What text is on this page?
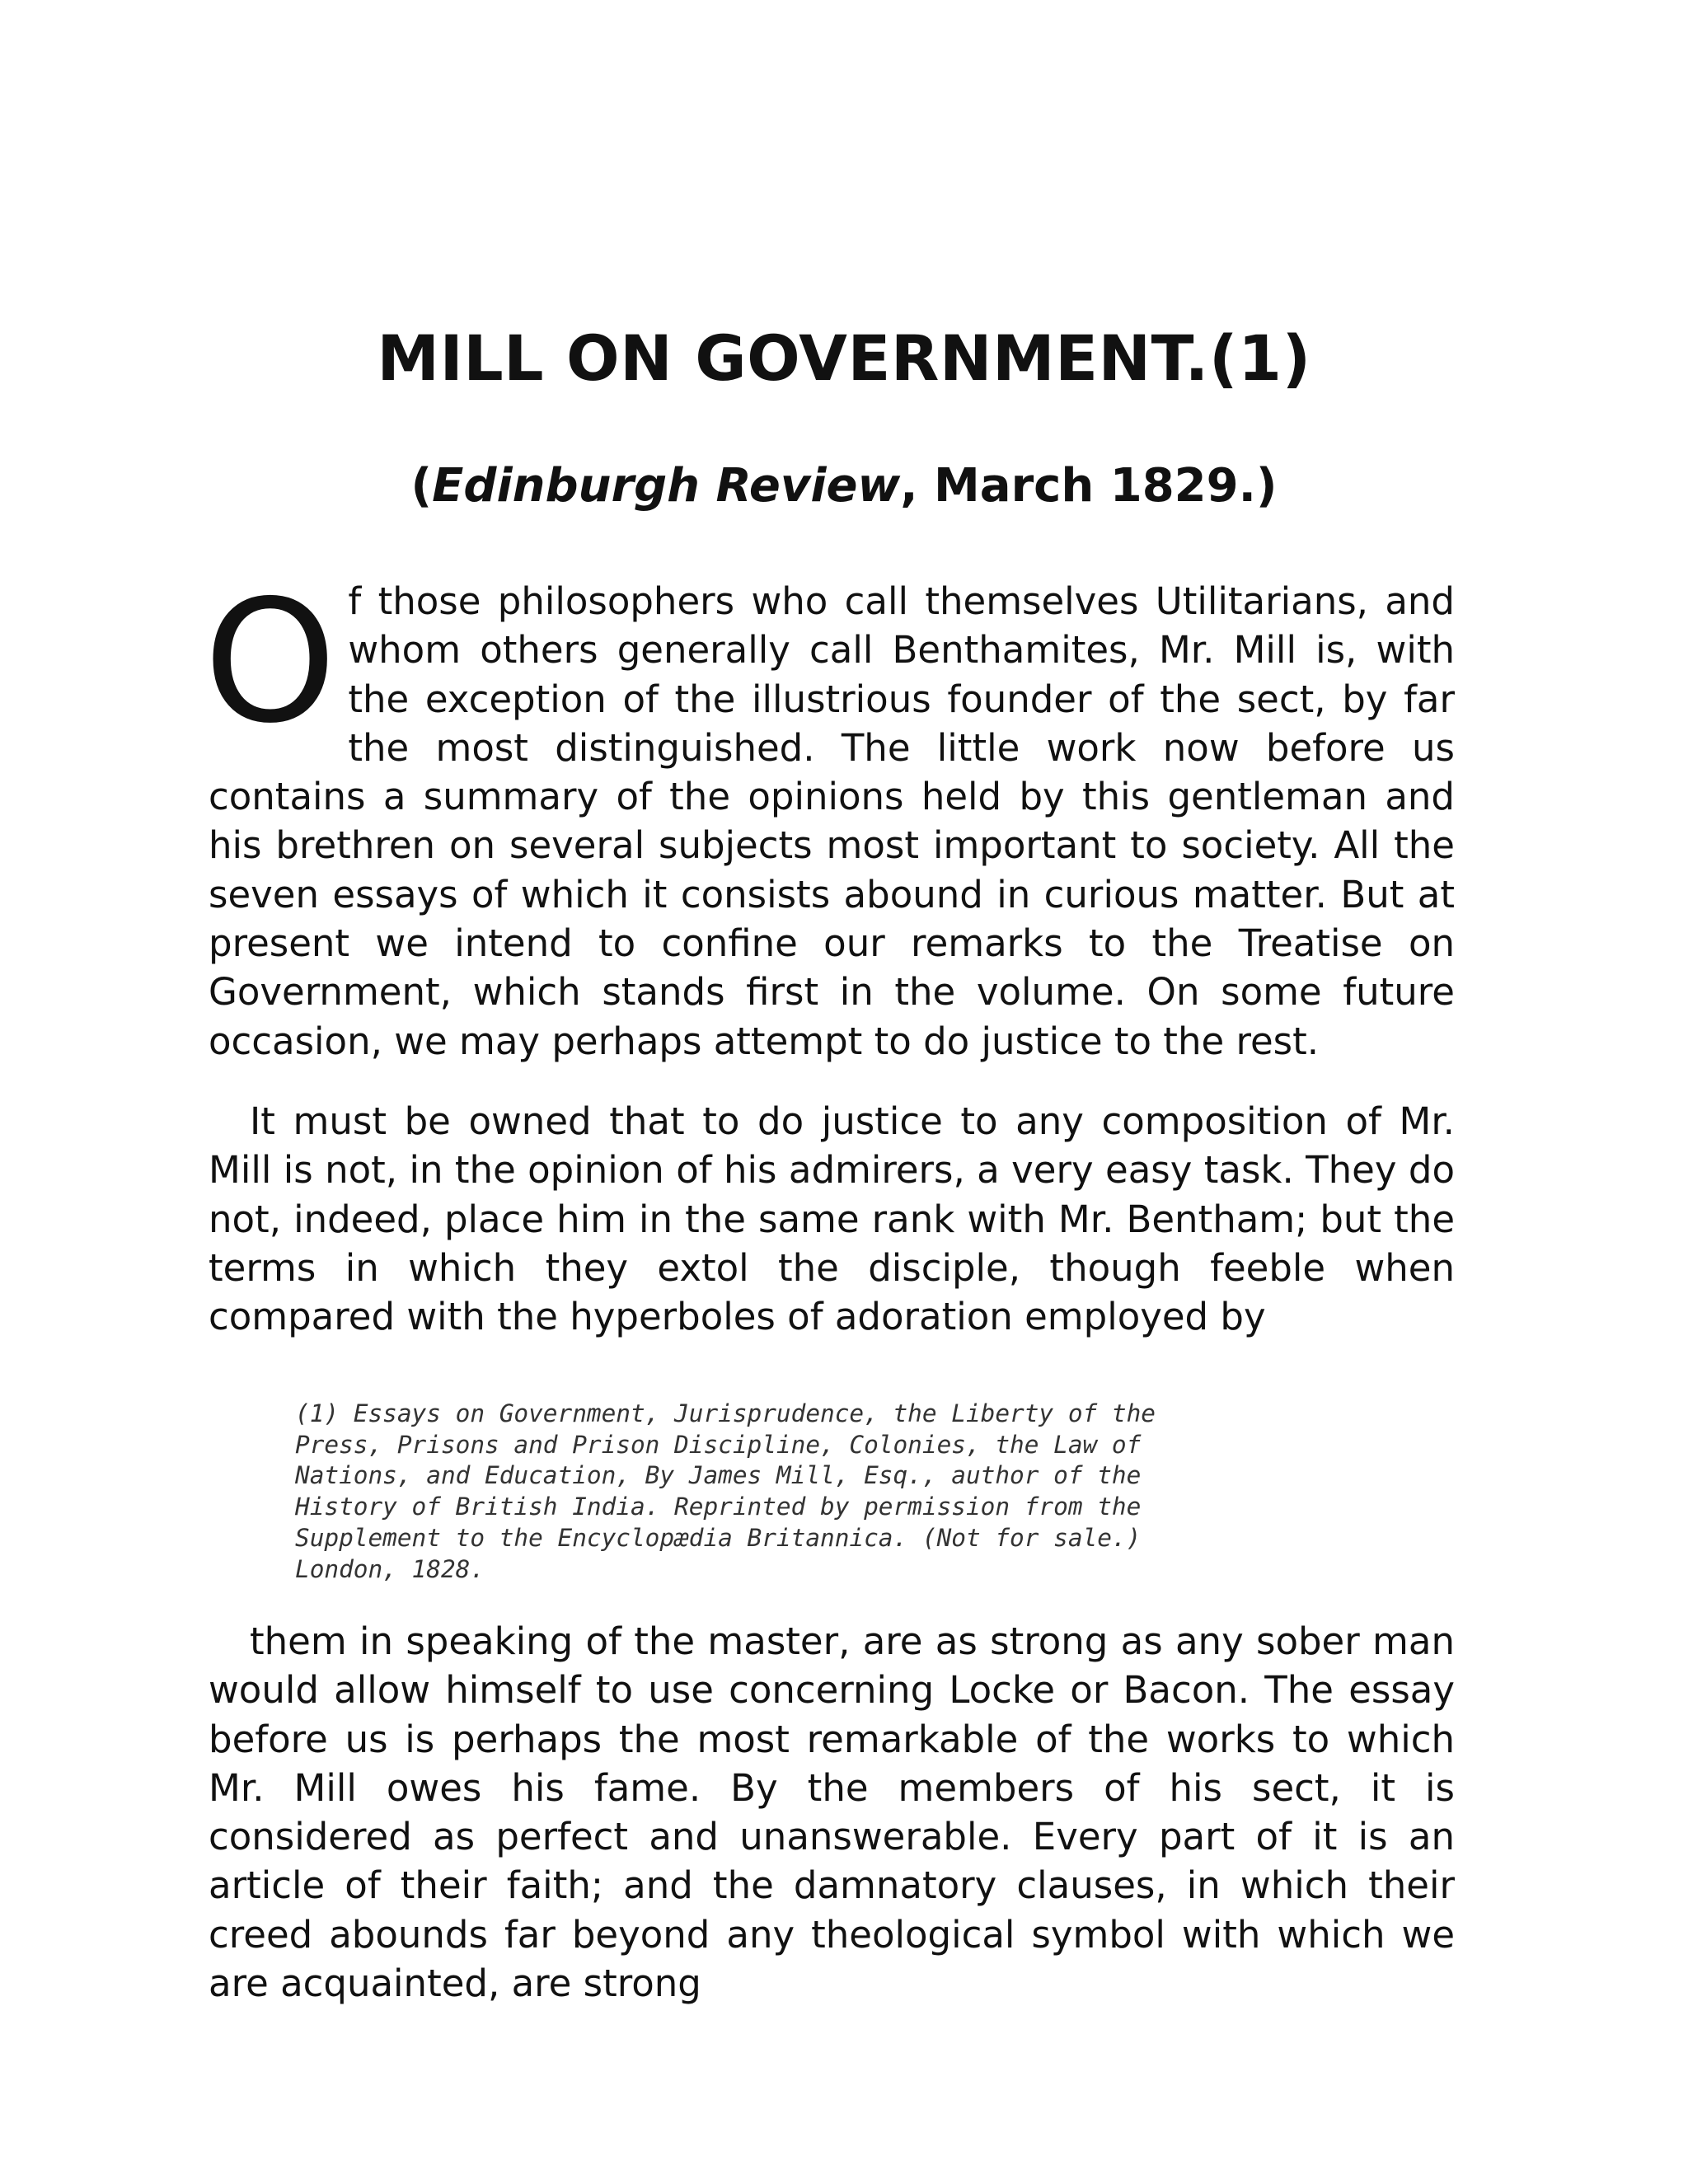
MILL ON GOVERNMENT.(1)
(Edinburgh Review, March 1829.)

Of those philosophers who call themselves Utilitarians, and whom others generally call Benthamites, Mr. Mill is, with the exception of the illustrious founder of the sect, by far the most distinguished. The little work now before us contains a summary of the opinions held by this gentleman and his brethren on several subjects most important to society. All the seven essays of which it consists abound in curious matter. But at present we intend to confine our remarks to the Treatise on Government, which stands first in the volume. On some future occasion, we may perhaps attempt to do justice to the rest.

It must be owned that to do justice to any composition of Mr. Mill is not, in the opinion of his admirers, a very easy task. They do not, indeed, place him in the same rank with Mr. Bentham; but the terms in which they extol the disciple, though feeble when compared with the hyperboles of adoration employed by

(1) Essays on Government, Jurisprudence, the Liberty of the
Press, Prisons and Prison Discipline, Colonies, the Law of
Nations, and Education, By James Mill, Esq., author of the
History of British India. Reprinted by permission from the
Supplement to the Encyclopædia Britannica. (Not for sale.)
London, 1828.

them in speaking of the master, are as strong as any sober man would allow himself to use concerning Locke or Bacon. The essay before us is perhaps the most remarkable of the works to which Mr. Mill owes his fame. By the members of his sect, it is considered as perfect and unanswerable. Every part of it is an article of their faith; and the damnatory clauses, in which their creed abounds far beyond any theological symbol with which we are acquainted, are strong
